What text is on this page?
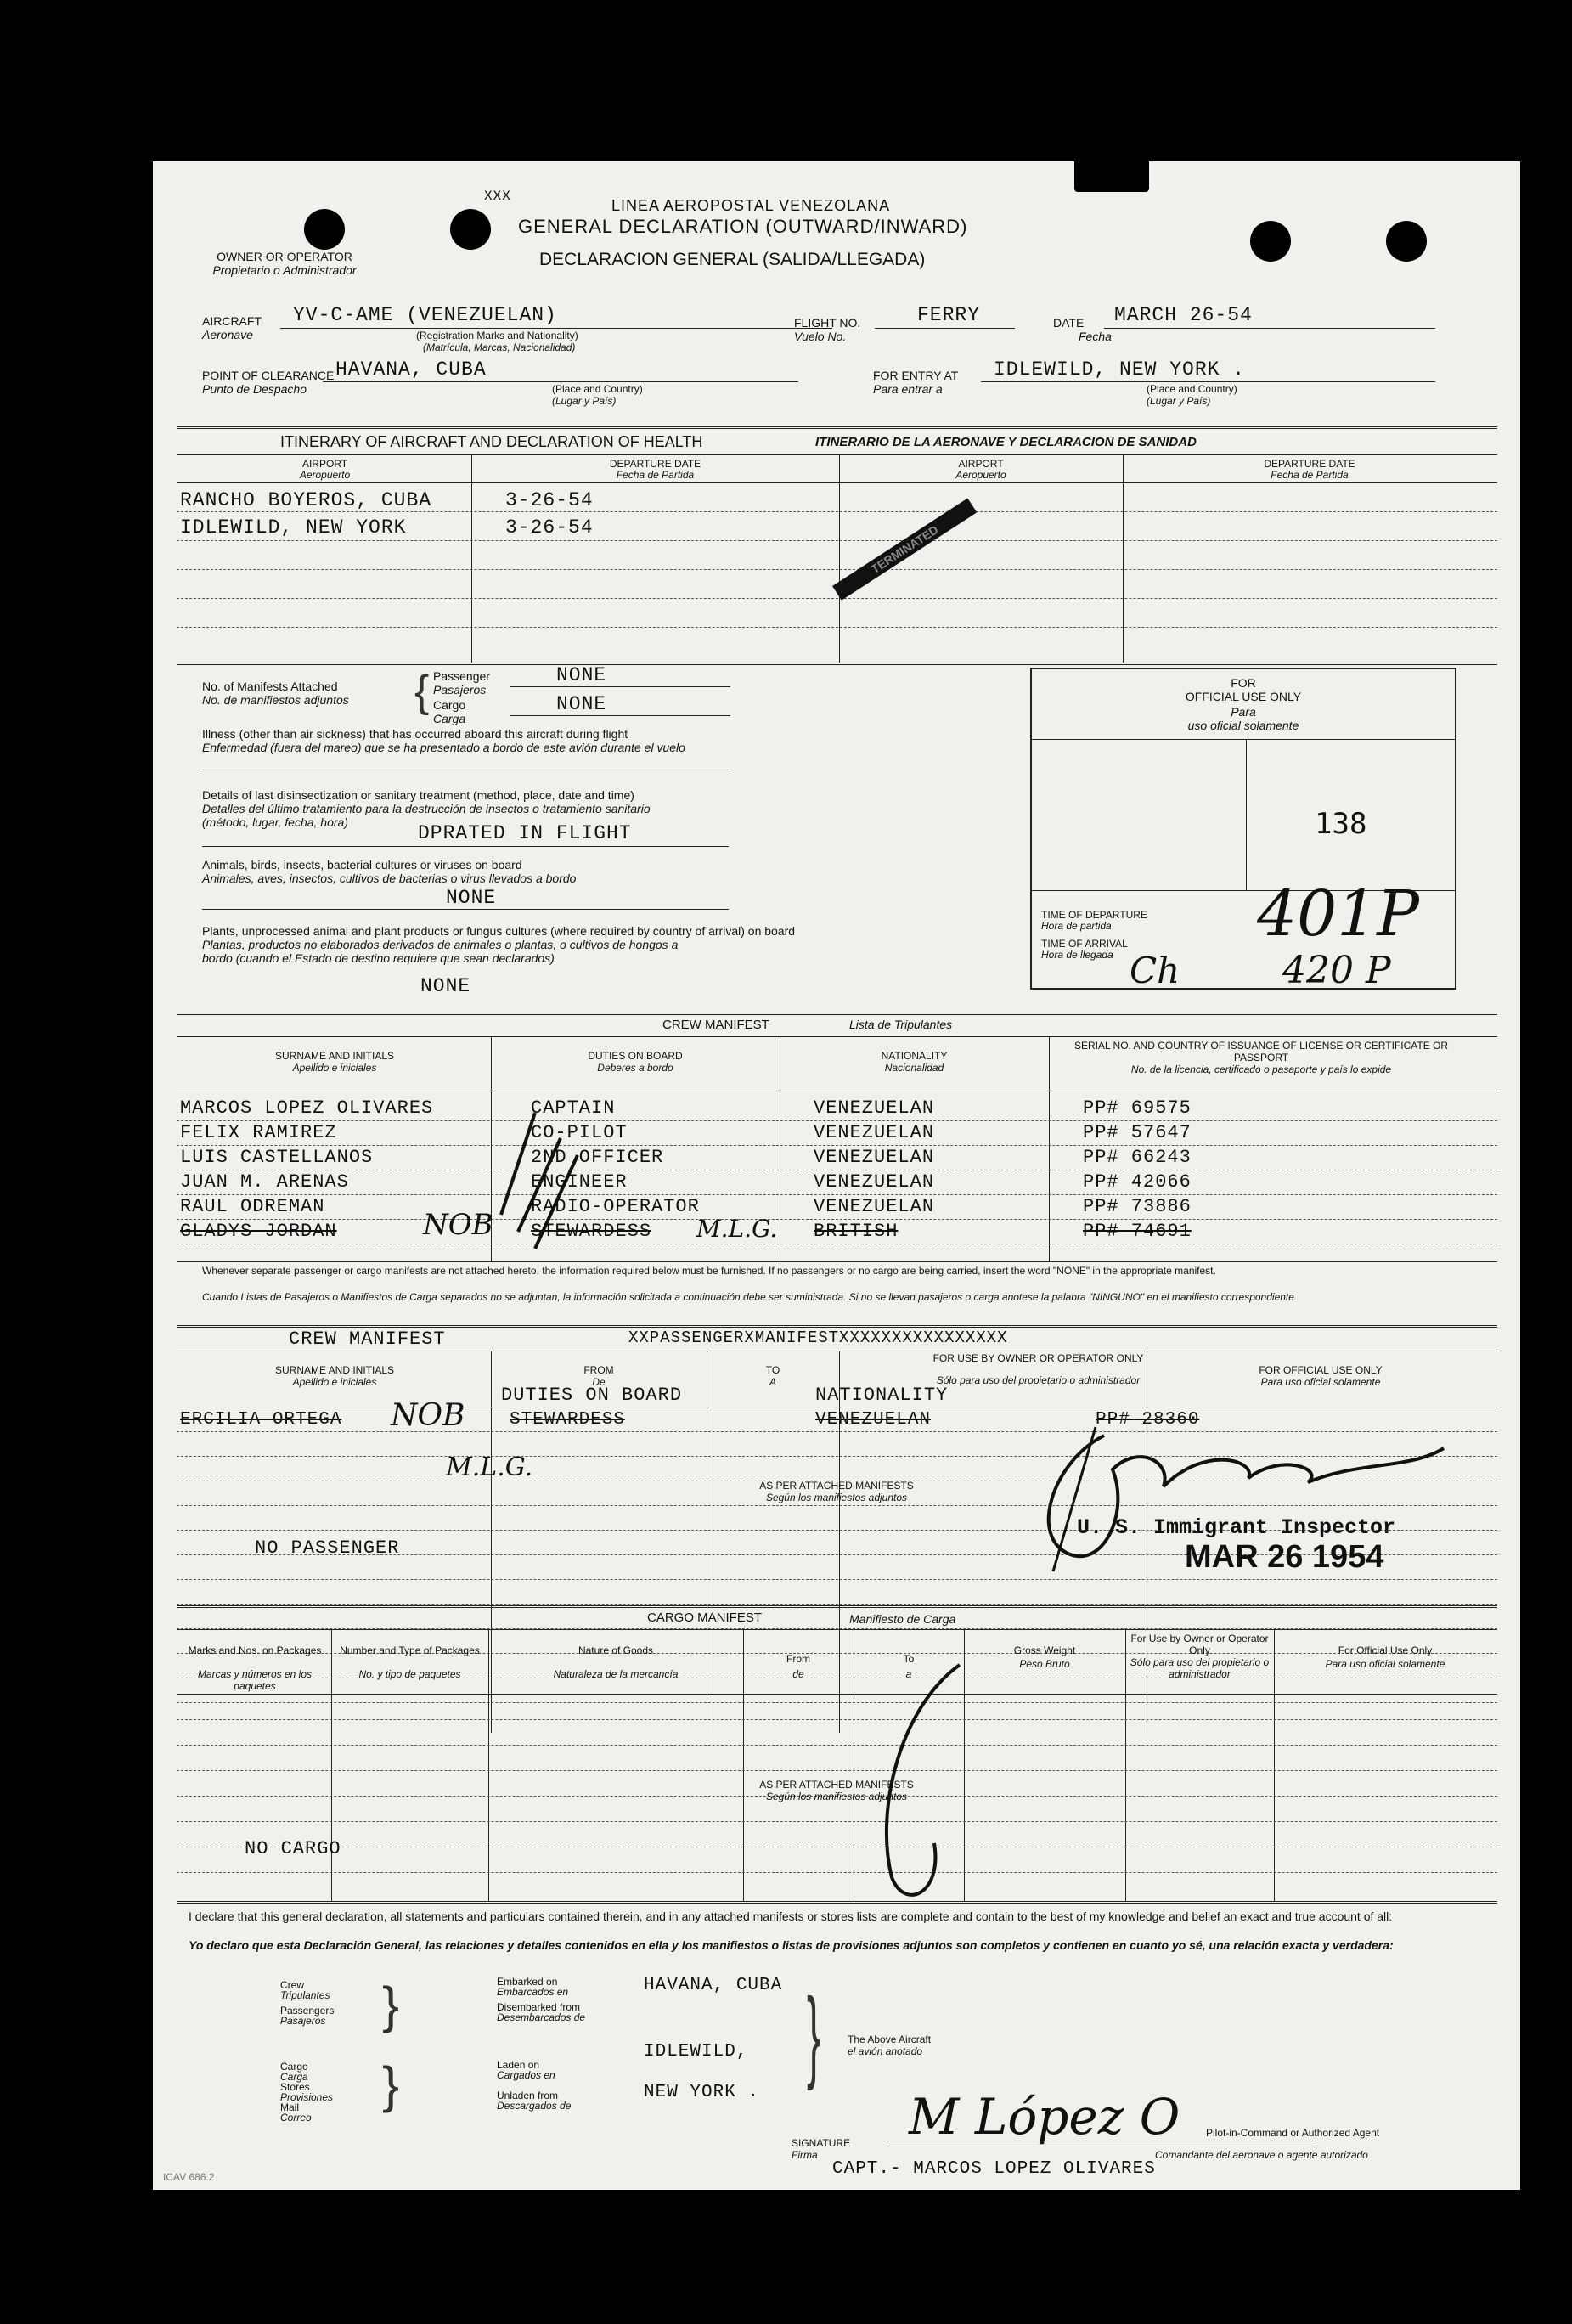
XXX
LINEA AEROPOSTAL VENEZOLANA
GENERAL DECLARATION (OUTWARD/INWARD)
DECLARACION GENERAL (SALIDA/LLEGADA)
OWNER OR OPERATOR
Propietario o Administrador
AIRCRAFT
Aeronave
YV-C-AME (VENEZUELAN)
(Registration Marks and Nationality)
(Matrícula, Marcas, Nacionalidad)
FLIGHT NO.
Vuelo No.
FERRY	DATE
Fecha
MARCH 26-54
POINT OF CLEARANCE
Punto de Despacho
HAVANA, CUBA
(Place and Country)
(Lugar y País)
FOR ENTRY AT
Para entrar a
IDLEWILD, NEW YORK .
(Place and Country)
(Lugar y País)
ITINERARY OF AIRCRAFT AND DECLARATION OF HEALTH	ITINERARIO DE LA AERONAVE Y DECLARACION DE SANIDAD
AIRPORT
Aeropuerto
DEPARTURE DATE
Fecha de Partida
AIRPORT
Aeropuerto
DEPARTURE DATE
Fecha de Partida
RANCHO BOYEROS, CUBA	3-26-54
IDLEWILD, NEW YORK	3-26-54	TERMINATED
No. of Manifests Attached
No. de manifiestos adjuntos { Passenger
Pasajeros
NONE
Cargo
Carga
NONE
Illness (other than air sickness) that has occurred aboard this aircraft during flight
Enfermedad (fuera del mareo) que se ha presentado a bordo de este avión durante el vuelo
Details of last disinsectization or sanitary treatment (method, place, date and time)
Detalles del último tratamiento para la destrucción de insectos o tratamiento sanitario
(método, lugar, fecha, hora)	DPRATED IN FLIGHT
Animals, birds, insects, bacterial cultures or viruses on board
Animales, aves, insectos, cultivos de bacterias o virus llevados a bordo
NONE
Plants, unprocessed animal and plant products or fungus cultures (where required by country of arrival) on board
Plantas, productos no elaborados derivados de animales o plantas, o cultivos de hongos a
bordo (cuando el Estado de destino requiere que sean declarados)
NONE
FOR
OFFICIAL USE ONLY
Para
uso oficial solamente
138
TIME OF DEPARTURE
Hora de partida
TIME OF ARRIVAL
Hora de llegada
401P
420 P
Ch
CREW MANIFEST	Lista de Tripulantes
SURNAME AND INITIALS
Apellido e iniciales
DUTIES ON BOARD
Deberes a bordo
NATIONALITY
Nacionalidad
SERIAL NO. AND COUNTRY OF ISSUANCE OF LICENSE OR CERTIFICATE OR PASSPORT
No. de la licencia, certificado o pasaporte y país lo expide
MARCOS LOPEZ OLIVARES	CAPTAIN	VENEZUELAN	PP# 69575
FELIX RAMIREZ	CO-PILOT	VENEZUELAN	PP# 57647
LUIS CASTELLANOS	2ND OFFICER	VENEZUELAN	PP# 66243
JUAN M. ARENAS	ENGINEER	VENEZUELAN	PP# 42066
RAUL ODREMAN	RADIO-OPERATOR	VENEZUELAN	PP# 73886
GLADYS JORDAN	STEWARDESS	BRITISH	PP# 74691
NOB	M.L.G.
Whenever separate passenger or cargo manifests are not attached hereto, the information required below must be furnished. If no passengers or no cargo are being carried, insert the word "NONE" in the appropriate manifest.
Cuando Listas de Pasajeros o Manifiestos de Carga separados no se adjuntan, la información solicitada a continuación debe ser suministrada. Si no se llevan pasajeros o carga anotese la palabra "NINGUNO" en el manifiesto correspondiente.
CREW MANIFEST	XXPASSENGERXMANIFESTXXXXXXXXXXXXXXXX
SURNAME AND INITIALS
Apellido e iniciales
FROM
De
TO
A
FOR USE BY OWNER OR OPERATOR ONLY
Sólo para uso del propietario o administrador
FOR OFFICIAL USE ONLY
Para uso oficial solamente
DUTIES ON BOARD	NATIONALITY
ERCILIA ORTEGA NOB	STEWARDESS	VENEZUELAN	PP# 28360
M.L.G.
AS PER ATTACHED MANIFESTS
Según los manifiestos adjuntos
NO PASSENGER
U. S. Immigrant Inspector
MAR 26 1954
CARGO MANIFEST	Manifiesto de Carga
Marks and Nos. on Packages
Marcas y números en los paquetes
Number and Type of Packages
No. y tipo de paquetes
Nature of Goods
Naturaleza de la mercancía
From
de
To
a
Gross Weight
Peso Bruto
For Use by Owner or Operator Only
Sólo para uso del propietario o administrador
For Official Use Only
Para uso oficial solamente
AS PER ATTACHED MANIFESTS
Según los manifiestos adjuntos
NO CARGO
I declare that this general declaration, all statements and particulars contained therein, and in any attached manifests or stores lists are complete and contain to the best of my knowledge and belief an exact and true account of all:
Yo declaro que esta Declaración General, las relaciones y detalles contenidos en ella y los manifiestos o listas de provisiones adjuntos son completos y contienen en cuanto yo sé, una relación exacta y verdadera:
Crew
Tripulantes
Passengers
Pasajeros }	Embarked on
Embarcados en
Disembarked from
Desembarcados de
HAVANA, CUBA
Cargo
Carga
Stores
Provisiones
Mail
Correo
}	Laden on
Cargados en
Unladen from
Descargados de
IDLEWILD,
NEW YORK .
}	The Above Aircraft
el avión anotado
M López O
SIGNATURE
Firma
Pilot-in-Command or Authorized Agent
Comandante del aeronave o agente autorizado
CAPT.- MARCOS LOPEZ OLIVARES
ICAV 686.2
